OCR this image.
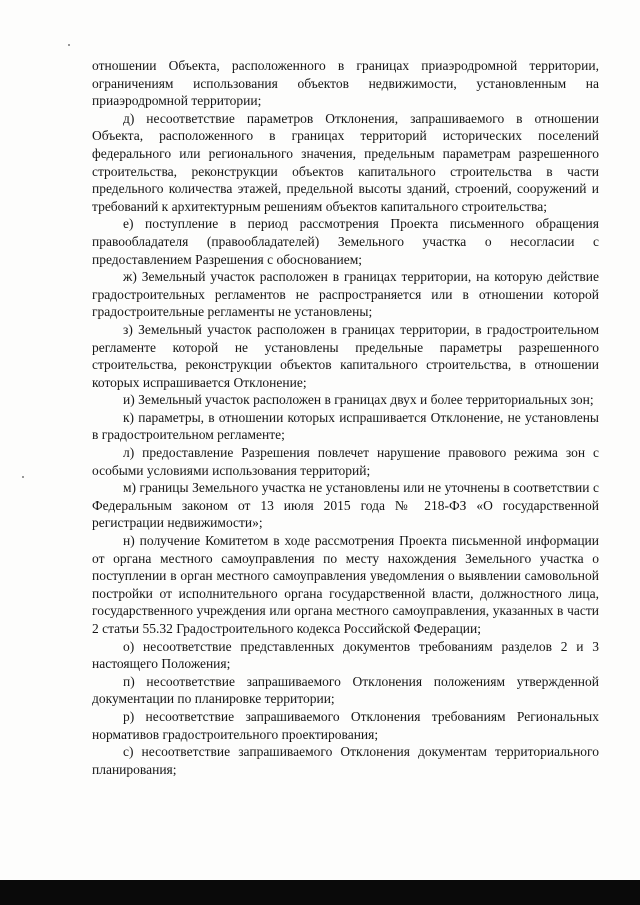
отношении Объекта, расположенного в границах приаэродромной территории, ограничениям использования объектов недвижимости, установленным на приаэродромной территории;

д) несоответствие параметров Отклонения, запрашиваемого в отношении Объекта, расположенного в границах территорий исторических поселений федерального или регионального значения, предельным параметрам разрешенного строительства, реконструкции объектов капитального строительства в части предельного количества этажей, предельной высоты зданий, строений, сооружений и требований к архитектурным решениям объектов капитального строительства;

е) поступление в период рассмотрения Проекта письменного обращения правообладателя (правообладателей) Земельного участка о несогласии с предоставлением Разрешения с обоснованием;

ж) Земельный участок расположен в границах территории, на которую действие градостроительных регламентов не распространяется или в отношении которой градостроительные регламенты не установлены;

з) Земельный участок расположен в границах территории, в градостроительном регламенте которой не установлены предельные параметры разрешенного строительства, реконструкции объектов капитального строительства, в отношении которых испрашивается Отклонение;

и) Земельный участок расположен в границах двух и более территориальных зон;

к) параметры, в отношении которых испрашивается Отклонение, не установлены в градостроительном регламенте;

л) предоставление Разрешения повлечет нарушение правового режима зон с особыми условиями использования территорий;

м) границы Земельного участка не установлены или не уточнены в соответствии с Федеральным законом от 13 июля 2015 года № 218-ФЗ «О государственной регистрации недвижимости»;

н) получение Комитетом в ходе рассмотрения Проекта письменной информации от органа местного самоуправления по месту нахождения Земельного участка о поступлении в орган местного самоуправления уведомления о выявлении самовольной постройки от исполнительного органа государственной власти, должностного лица, государственного учреждения или органа местного самоуправления, указанных в части 2 статьи 55.32 Градостроительного кодекса Российской Федерации;

о) несоответствие представленных документов требованиям разделов 2 и 3 настоящего Положения;

п) несоответствие запрашиваемого Отклонения положениям утвержденной документации по планировке территории;

р) несоответствие запрашиваемого Отклонения требованиям Региональных нормативов градостроительного проектирования;

с) несоответствие запрашиваемого Отклонения документам территориального планирования;
